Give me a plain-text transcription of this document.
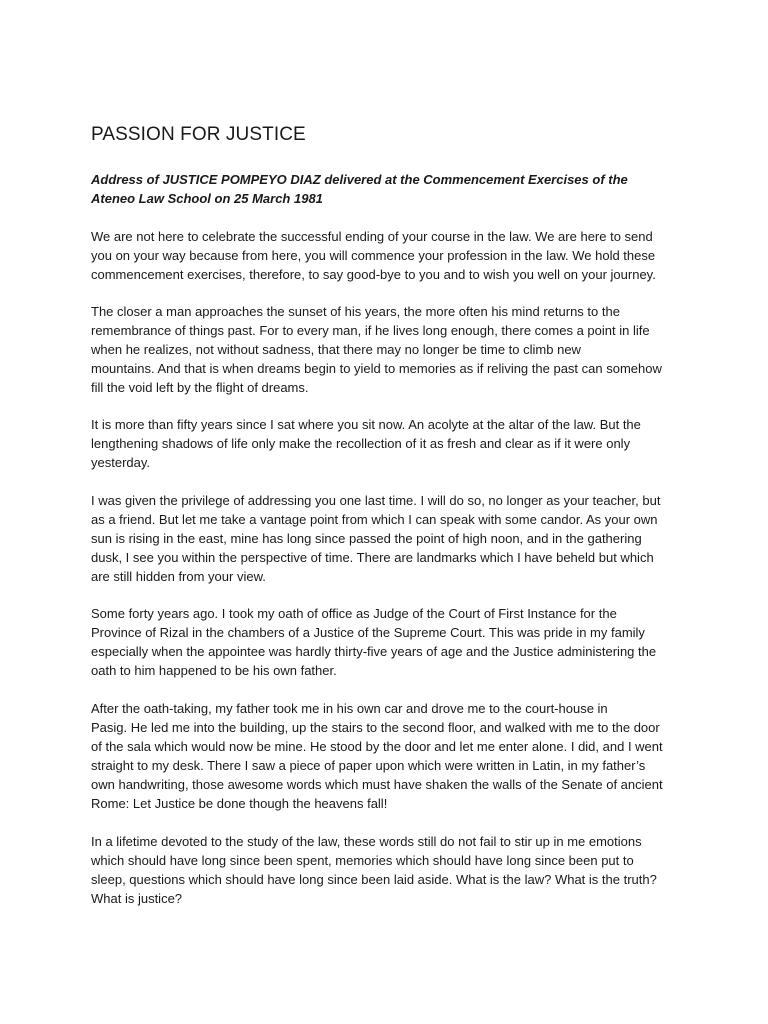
PASSION FOR JUSTICE

Address of JUSTICE POMPEYO DIAZ delivered at the Commencement Exercises of the
Ateneo Law School on 25 March 1981

We are not here to celebrate the successful ending of your course in the law. We are here to send
you on your way because from here, you will commence your profession in the law. We hold these
commencement exercises, therefore, to say good-bye to you and to wish you well on your journey.

The closer a man approaches the sunset of his years, the more often his mind returns to the
remembrance of things past. For to every man, if he lives long enough, there comes a point in life
when he realizes, not without sadness, that there may no longer be time to climb new
mountains. And that is when dreams begin to yield to memories as if reliving the past can somehow
fill the void left by the flight of dreams.

It is more than fifty years since I sat where you sit now. An acolyte at the altar of the law. But the
lengthening shadows of life only make the recollection of it as fresh and clear as if it were only
yesterday.

I was given the privilege of addressing you one last time. I will do so, no longer as your teacher, but
as a friend. But let me take a vantage point from which I can speak with some candor. As your own
sun is rising in the east, mine has long since passed the point of high noon, and in the gathering
dusk, I see you within the perspective of time. There are landmarks which I have beheld but which
are still hidden from your view.

Some forty years ago. I took my oath of office as Judge of the Court of First Instance for the
Province of Rizal in the chambers of a Justice of the Supreme Court. This was pride in my family
especially when the appointee was hardly thirty-five years of age and the Justice administering the
oath to him happened to be his own father.

After the oath-taking, my father took me in his own car and drove me to the court-house in
Pasig. He led me into the building, up the stairs to the second floor, and walked with me to the door
of the sala which would now be mine. He stood by the door and let me enter alone. I did, and I went
straight to my desk. There I saw a piece of paper upon which were written in Latin, in my father’s
own handwriting, those awesome words which must have shaken the walls of the Senate of ancient
Rome: Let Justice be done though the heavens fall!

In a lifetime devoted to the study of the law, these words still do not fail to stir up in me emotions
which should have long since been spent, memories which should have long since been put to
sleep, questions which should have long since been laid aside. What is the law? What is the truth?
What is justice?
